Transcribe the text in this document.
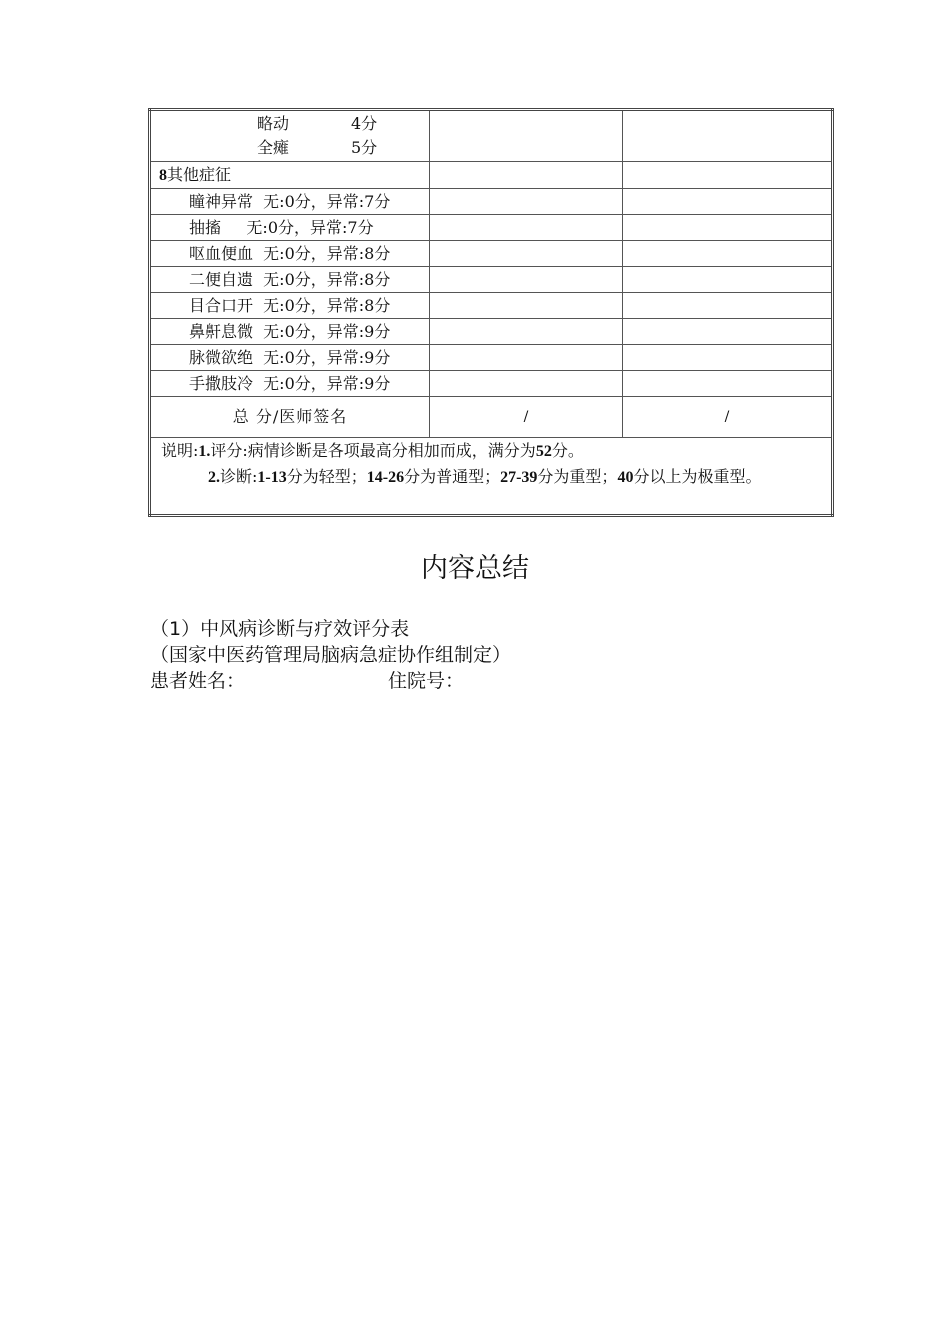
略动 4分
全瘫 5分		

8其他症征		
瞳神异常  无:0分，异常:7分		
抽搐     无:0分，异常:7分		
呕血便血  无:0分，异常:8分		
二便自遗  无:0分，异常:8分		
目合口开  无:0分，异常:8分		
鼻鼾息微  无:0分，异常:9分		
脉微欲绝  无:0分，异常:9分		
手撒肢冷  无:0分，异常:9分		
总 分/医师签名	/	/

说明:1.评分:病情诊断是各项最高分相加而成，满分为52分。
2.诊断:1-13分为轻型；14-26分为普通型；27-39分为重型；40分以上为极重型。		
内容总结
（1）中风病诊断与疗效评分表
（国家中医药管理局脑病急症协作组制定）
患者姓名：	住院号：
